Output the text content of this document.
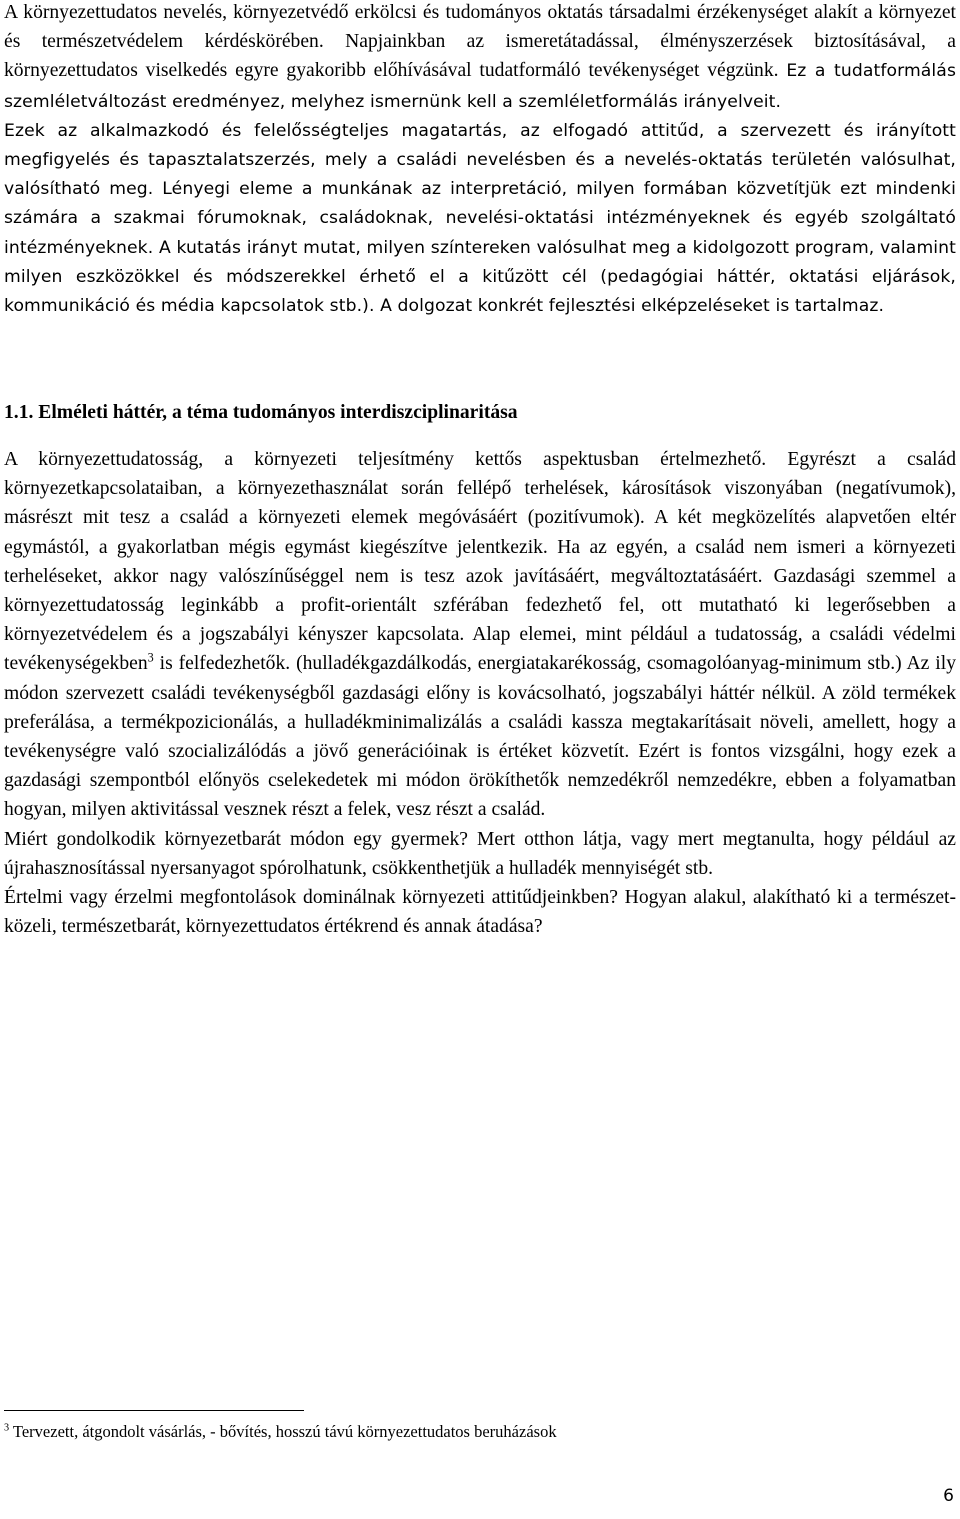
A környezettudatos nevelés, környezetvédő erkölcsi és tudományos oktatás társadalmi érzékenységet alakít a környezet és természetvédelem kérdéskörében. Napjainkban az ismeretátadással, élményszerzések biztosításával, a környezettudatos viselkedés egyre gyakoribb előhívásával tudatformáló tevékenységet végzünk. Ez a tudatformálás szemléletváltozást eredményez, melyhez ismernünk kell a szemléletformálás irányelveit.

Ezek az alkalmazkodó és felelősségteljes magatartás, az elfogadó attitűd, a szervezett és irányított megfigyelés és tapasztalatszerzés, mely a családi nevelésben és a nevelés-oktatás területén valósulhat, valósítható meg. Lényegi eleme a munkának az interpretáció, milyen formában közvetítjük ezt mindenki számára a szakmai fórumoknak, családoknak, nevelési-oktatási intézményeknek és egyéb szolgáltató intézményeknek. A kutatás irányt mutat, milyen színtereken valósulhat meg a kidolgozott program, valamint milyen eszközökkel és módszerekkel érhető el a kitűzött cél (pedagógiai háttér, oktatási eljárások, kommunikáció és média kapcsolatok stb.). A dolgozat konkrét fejlesztési elképzeléseket is tartalmaz.

1.1. Elméleti háttér, a téma tudományos interdiszciplinaritása

A környezettudatosság, a környezeti teljesítmény kettős aspektusban értelmezhető. Egyrészt a család környezetkapcsolataiban, a környezethasználat során fellépő terhelések, károsítások viszonyában (negatívumok), másrészt mit tesz a család a környezeti elemek megóvásáért (pozitívumok). A két megközelítés alapvetően eltér egymástól, a gyakorlatban mégis egymást kiegészítve jelentkezik. Ha az egyén, a család nem ismeri a környezeti terheléseket, akkor nagy valószínűséggel nem is tesz azok javításáért, megváltoztatásáért. Gazdasági szemmel a környezettudatosság leginkább a profit-orientált szférában fedezhető fel, ott mutatható ki legerősebben a környezetvédelem és a jogszabályi kényszer kapcsolata. Alap elemei, mint például a tudatosság, a családi védelmi tevékenységekben$^3$ is felfedezhetők. (hulladékgazdálkodás, energiatakarékosság, csomagolóanyag-minimum stb.) Az ily módon szervezett családi tevékenységből gazdasági előny is kovácsolható, jogszabályi háttér nélkül. A zöld termékek preferálása, a termékpozicionálás, a hulladékminimalizálás a családi kassza megtakarításait növeli, amellett, hogy a tevékenységre való szocializálódás a jövő generációinak is értéket közvetít. Ezért is fontos vizsgálni, hogy ezek a gazdasági szempontból előnyös cselekedetek mi módon örökíthetők nemzedékről nemzedékre, ebben a folyamatban hogyan, milyen aktivitással vesznek részt a felek, vesz részt a család.

Miért gondolkodik környezetbarát módon egy gyermek? Mert otthon látja, vagy mert megtanulta, hogy például az újrahasznosítással nyersanyagot spórolhatunk, csökkenthetjük a hulladék mennyiségét stb.

Értelmi vagy érzelmi megfontolások dominálnak környezeti attitűdjeinkben? Hogyan alakul, alakítható ki a természet-közeli, természetbarát, környezettudatos értékrend és annak átadása?

$^3$ Tervezett, átgondolt vásárlás, - bővítés, hosszú távú környezettudatos beruházások

6
